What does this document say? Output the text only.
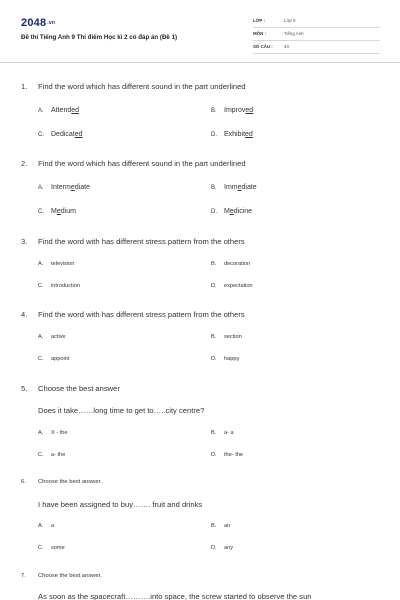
$2048^{.vn}$
Đề thi Tiếng Anh 9 Thí điểm Học kì 2 có đáp án (Đề 1)
LỚP :	Lớp 9
MÔN :	Tiếng Anh
SỐ CÂU :	40
1. Find the word which has different sound in the part underlined
A. Attended	B. Improved
C. Dedicated	D. Exhibited
2. Find the word which has different sound in the part underlined
A. Intermediate	B. Immediate
C. Medium	D. Medicine
3. Find the word with has different stress pattern from the others
A. television	B. decoration
C. introduction	D. expectation
4. Find the word with has different stress pattern from the others
A. active	B. section
C. appoint	D. happy
5. Choose the best answer
Does it take……long time to get to…..city centre?
A. X - the	B. a- a
C. a- the	D. the- the
6. Choose the best answer.
I have been assigned to buy……. fruit and drinks
A. a	B. an
C. some	D. any
7. Choose the best answer.
As soon as the spacecraft……….into space, the screw started to observe the sun
